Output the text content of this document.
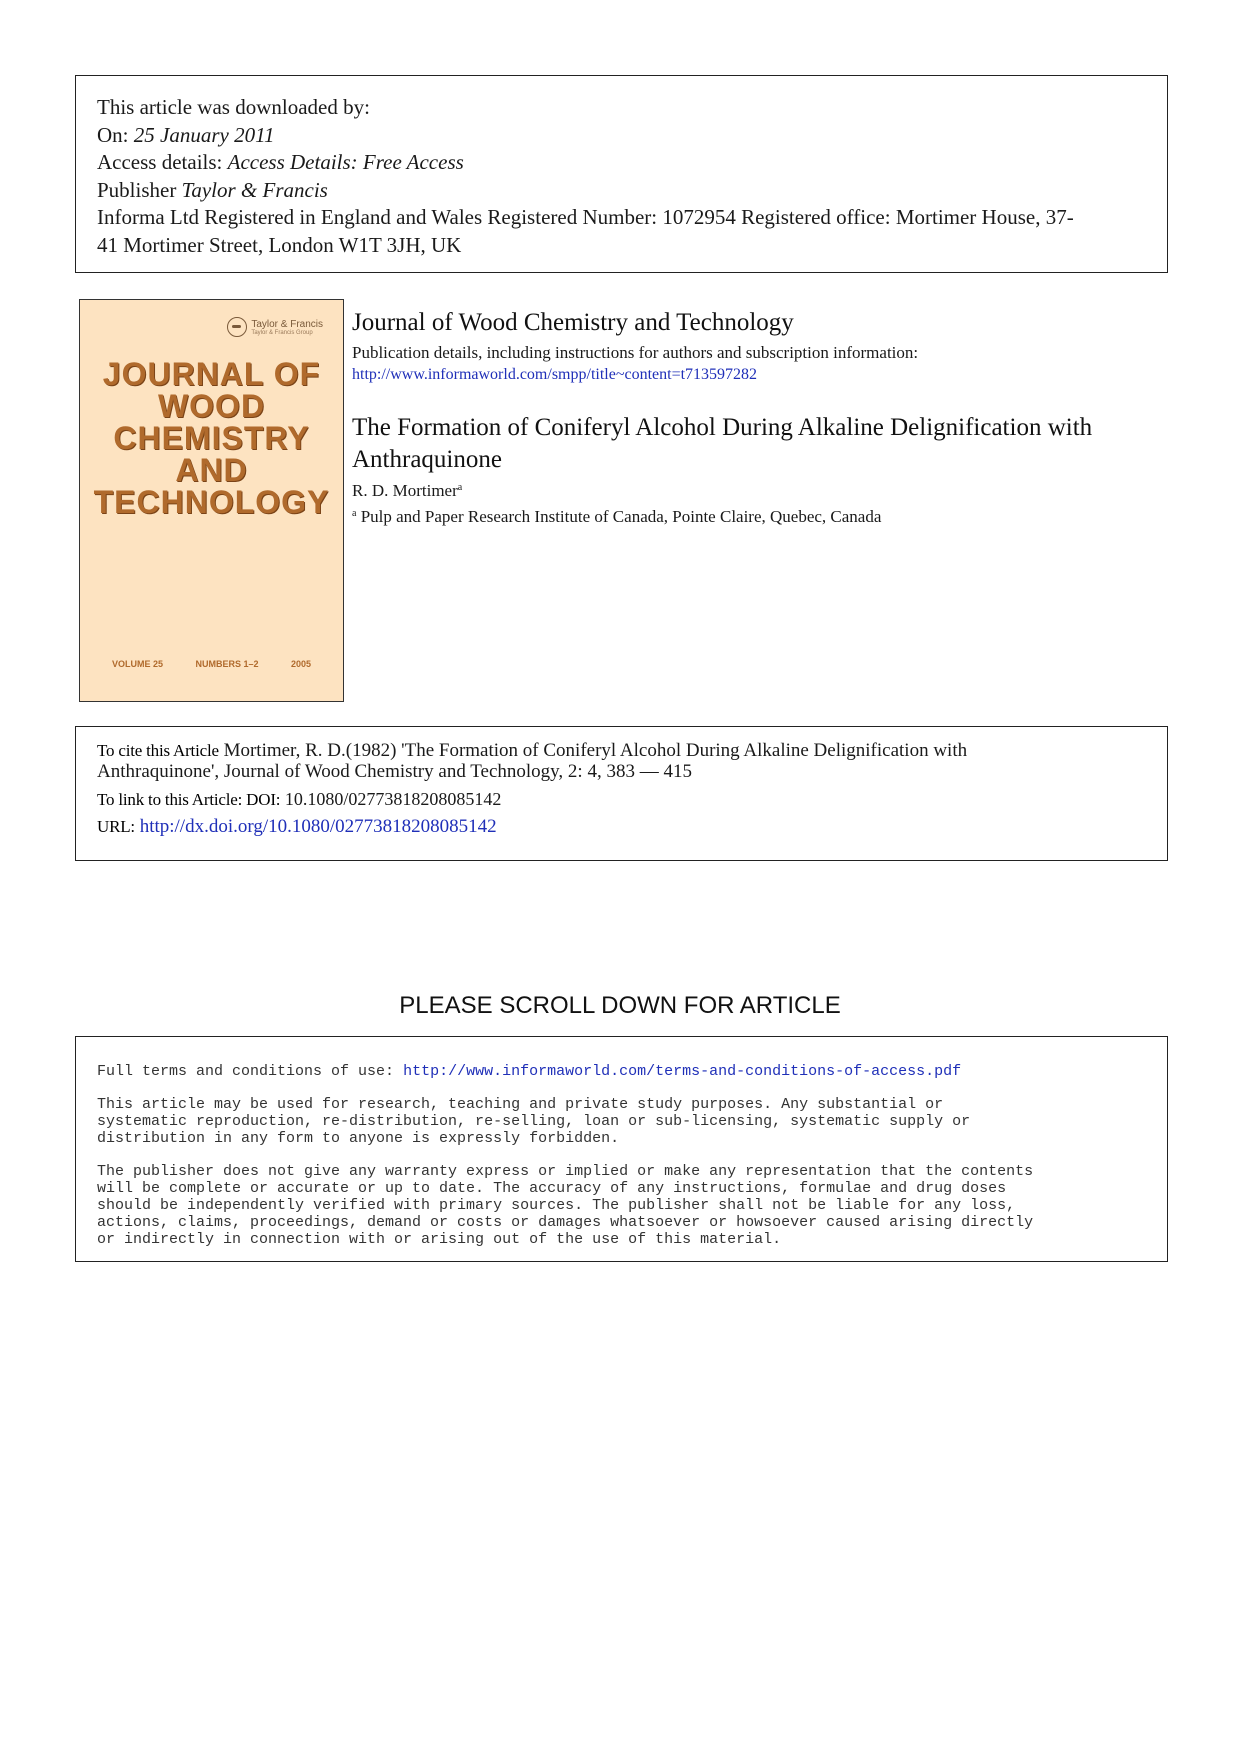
This article was downloaded by:
On: 25 January 2011
Access details: Access Details: Free Access
Publisher Taylor & Francis
Informa Ltd Registered in England and Wales Registered Number: 1072954 Registered office: Mortimer House, 37-
41 Mortimer Street, London W1T 3JH, UK
Taylor & Francis
Taylor & Francis Group
JOURNAL OF
WOOD
CHEMISTRY
AND
TECHNOLOGY
VOLUME 25	NUMBERS 1–2	2005
Journal of Wood Chemistry and Technology
Publication details, including instructions for authors and subscription information:
http://www.informaworld.com/smpp/title~content=t713597282
The Formation of Coniferyl Alcohol During Alkaline Delignification with Anthraquinone
R. D. Mortimer$^a$
$^a$ Pulp and Paper Research Institute of Canada, Pointe Claire, Quebec, Canada
To cite this Article Mortimer, R. D.(1982) 'The Formation of Coniferyl Alcohol During Alkaline Delignification with
Anthraquinone', Journal of Wood Chemistry and Technology, 2: 4, 383 — 415
To link to this Article: DOI: 10.1080/02773818208085142
URL: http://dx.doi.org/10.1080/02773818208085142
PLEASE SCROLL DOWN FOR ARTICLE

Full terms and conditions of use: http://www.informaworld.com/terms-and-conditions-of-access.pdf

This article may be used for research, teaching and private study purposes. Any substantial or
systematic reproduction, re-distribution, re-selling, loan or sub-licensing, systematic supply or
distribution in any form to anyone is expressly forbidden.

The publisher does not give any warranty express or implied or make any representation that the contents
will be complete or accurate or up to date. The accuracy of any instructions, formulae and drug doses
should be independently verified with primary sources. The publisher shall not be liable for any loss,
actions, claims, proceedings, demand or costs or damages whatsoever or howsoever caused arising directly
or indirectly in connection with or arising out of the use of this material.
